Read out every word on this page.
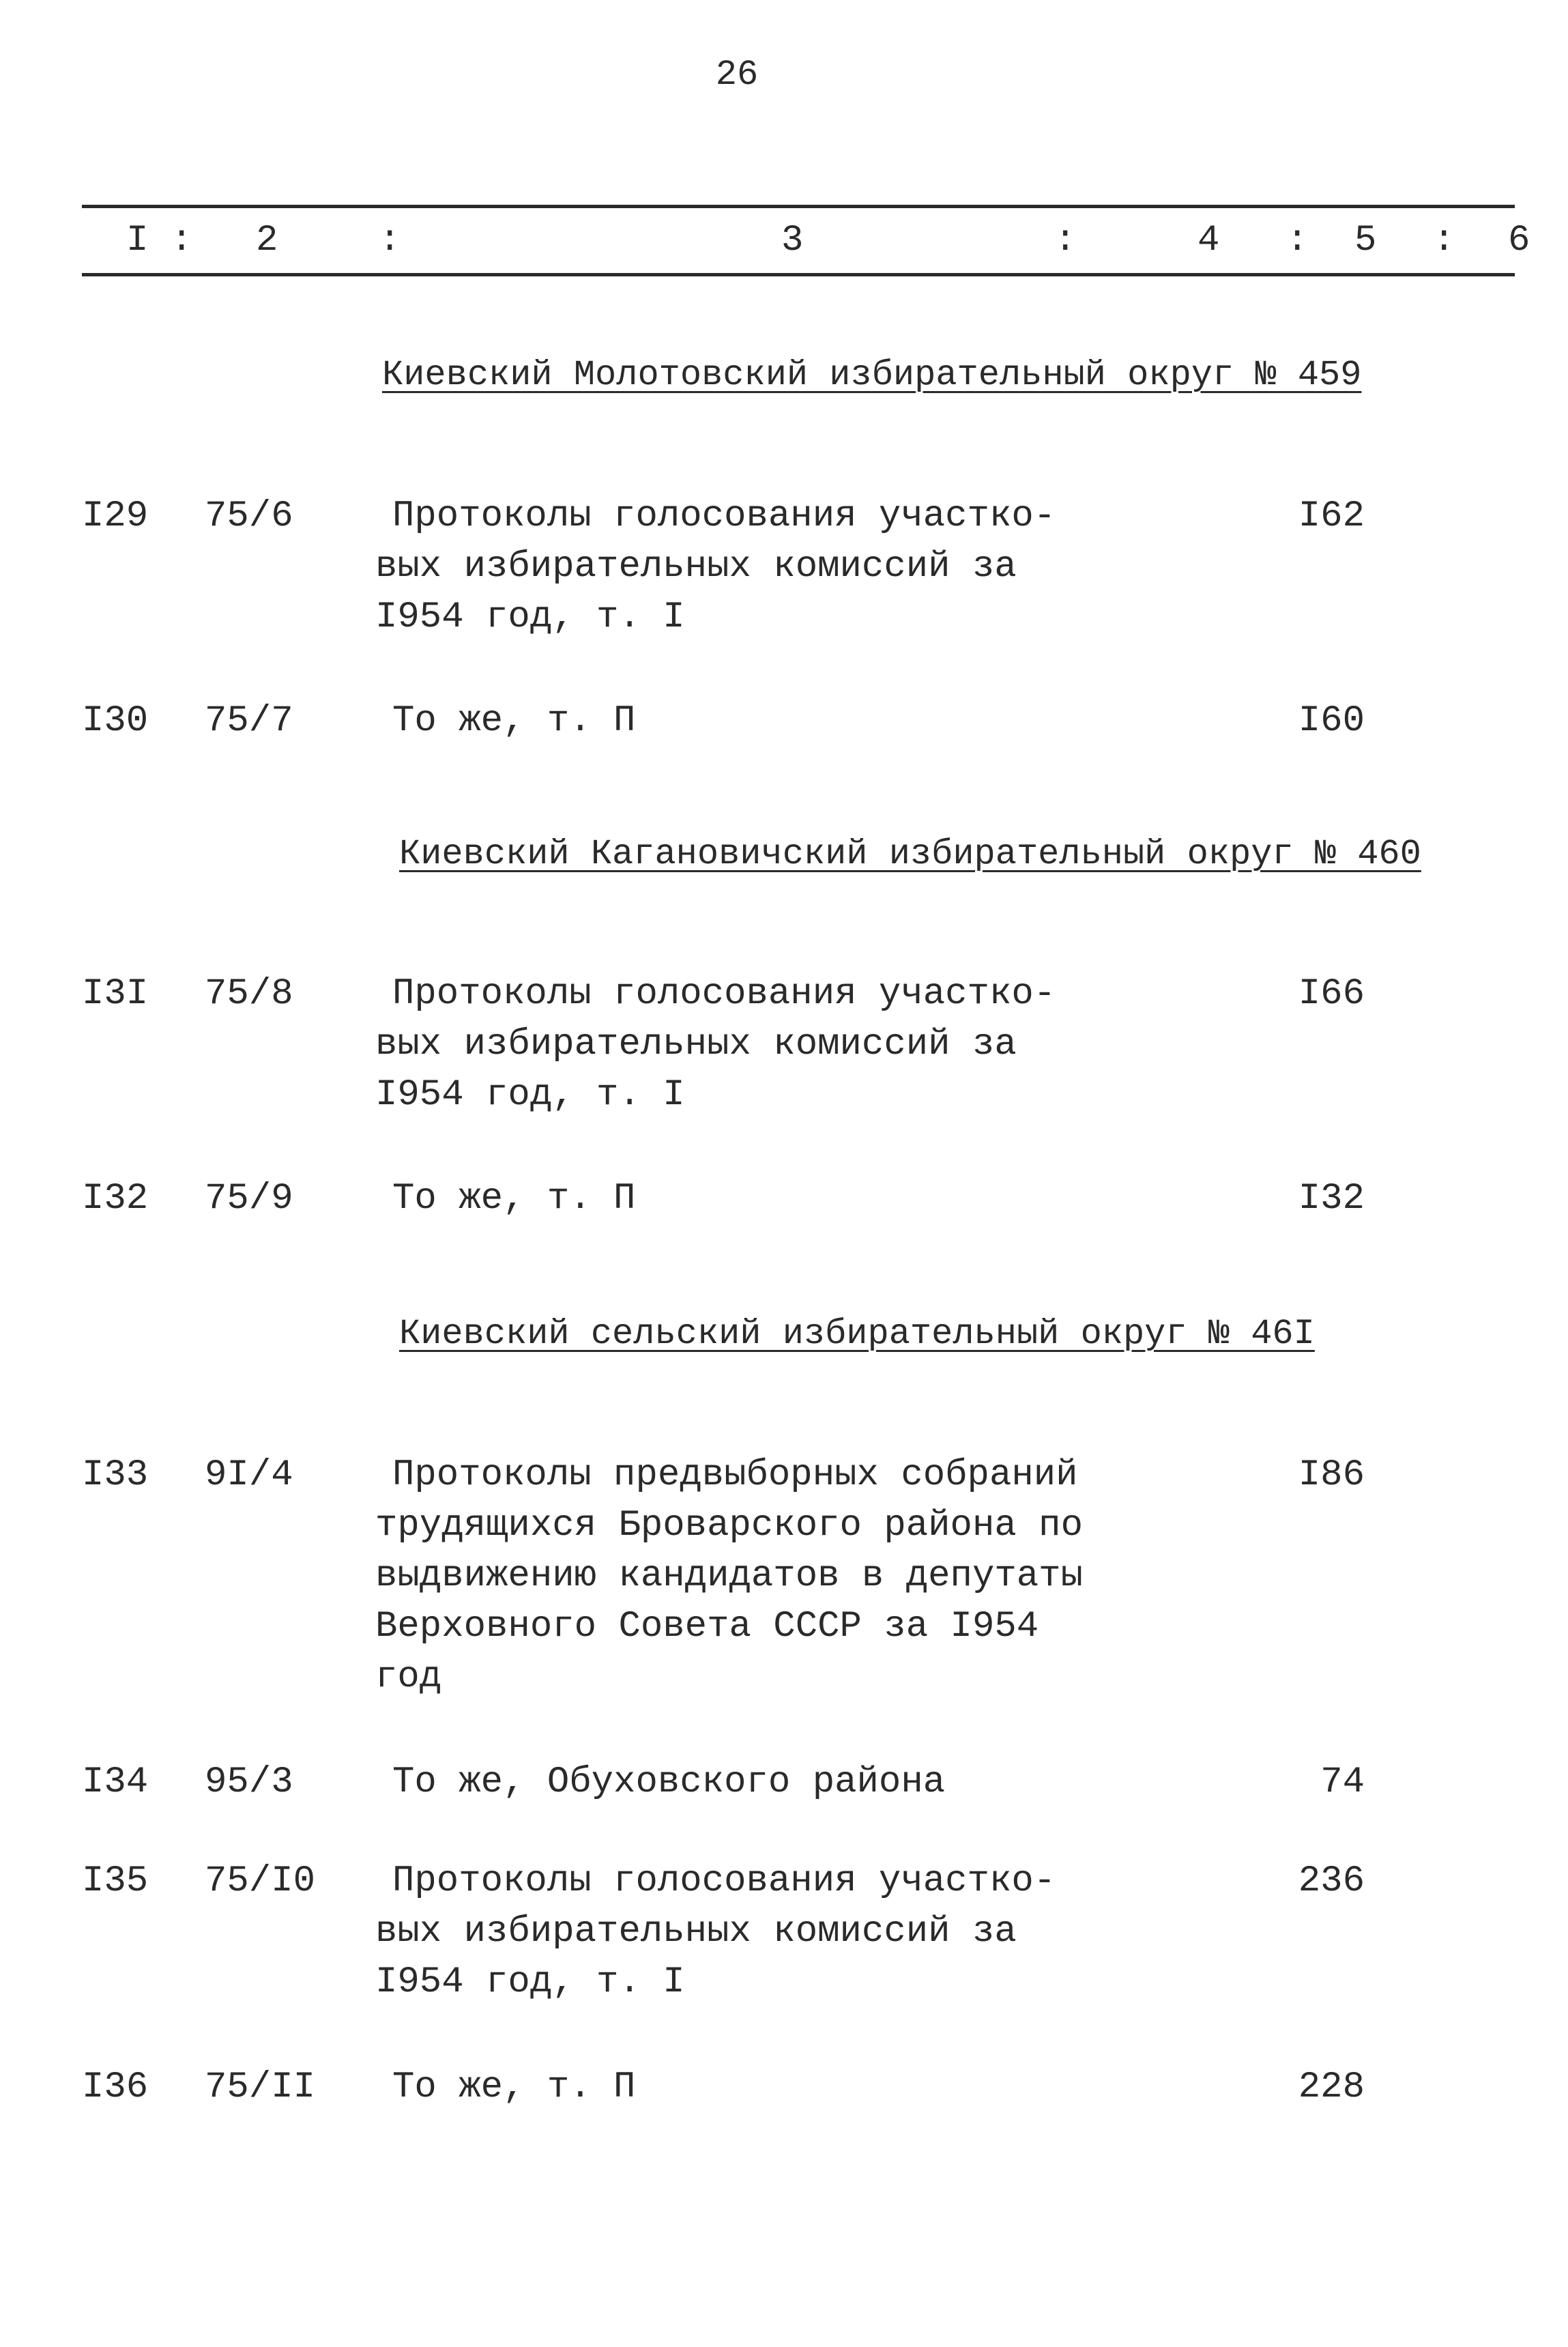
26
I : 2	:	3	:	4 : 5 : 6
Киевский Молотовский избирательный округ № 459
I29 75/6	Протоколы голосования участко-
вых избирательных комиссий за
I954 год, т. I
I62
I30 75/7	То же, т. П	I60
Киевский Кагановичский избирательный округ № 460
I3I 75/8	Протоколы голосования участко-
вых избирательных комиссий за
I954 год, т. I
I66
I32 75/9	То же, т. П	I32
Киевский сельский избирательный округ № 46I
I33 9I/4	Протоколы предвыборных собраний
трудящихся Броварского района по
выдвижению кандидатов в депутаты
Верховного Совета СССР за I954
год
I86
I34 95/3	То же, Обуховского района	74
I35 75/I0	Протоколы голосования участко-
вых избирательных комиссий за
I954 год, т. I
236
I36 75/II	То же, т. П	228
